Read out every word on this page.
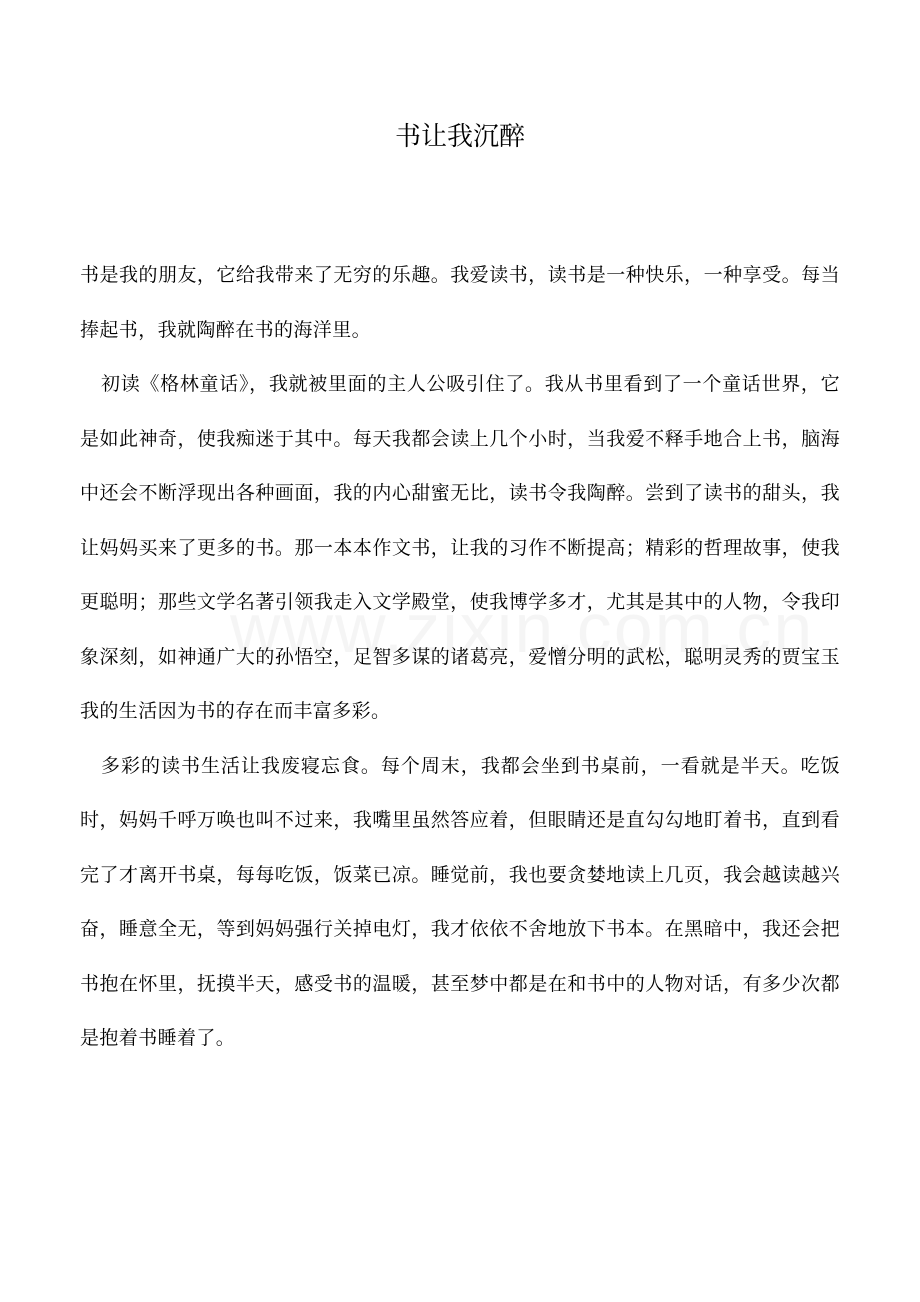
书让我沉醉

书是我的朋友，它给我带来了无穷的乐趣。我爱读书，读书是一种快乐，一种享受。每当捧起书，我就陶醉在书的海洋里。

初读《格林童话》，我就被里面的主人公吸引住了。我从书里看到了一个童话世界，它是如此神奇，使我痴迷于其中。每天我都会读上几个小时，当我爱不释手地合上书，脑海中还会不断浮现出各种画面，我的内心甜蜜无比，读书令我陶醉。尝到了读书的甜头，我让妈妈买来了更多的书。那一本本作文书，让我的习作不断提高；精彩的哲理故事，使我更聪明；那些文学名著引领我走入文学殿堂，使我博学多才，尤其是其中的人物，令我印象深刻，如神通广大的孙悟空，足智多谋的诸葛亮，爱憎分明的武松，聪明灵秀的贾宝玉我的生活因为书的存在而丰富多彩。

多彩的读书生活让我废寝忘食。每个周末，我都会坐到书桌前，一看就是半天。吃饭时，妈妈千呼万唤也叫不过来，我嘴里虽然答应着，但眼睛还是直勾勾地盯着书，直到看完了才离开书桌，每每吃饭，饭菜已凉。睡觉前，我也要贪婪地读上几页，我会越读越兴奋，睡意全无，等到妈妈强行关掉电灯，我才依依不舍地放下书本。在黑暗中，我还会把书抱在怀里，抚摸半天，感受书的温暖，甚至梦中都是在和书中的人物对话，有多少次都是抱着书睡着了。
